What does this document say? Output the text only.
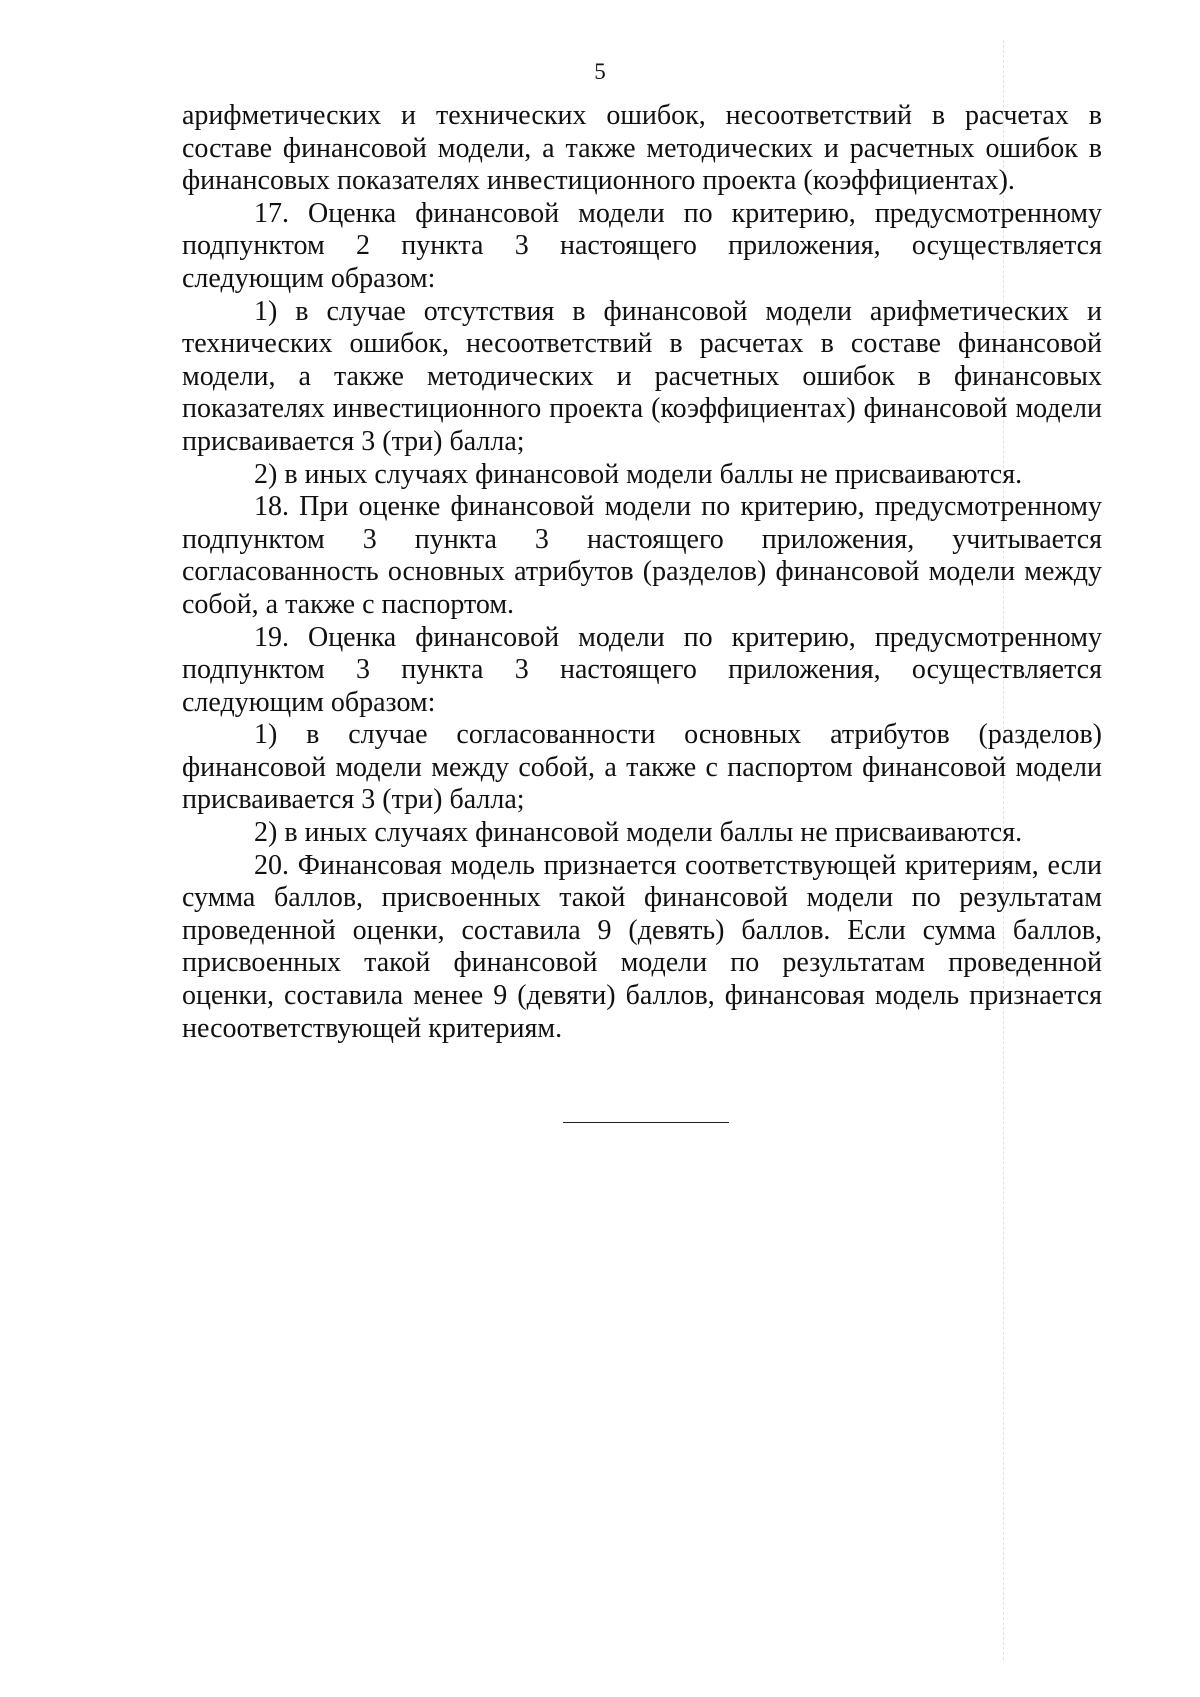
5

арифметических и технических ошибок, несоответствий в расчетах в составе финансовой модели, а также методических и расчетных ошибок в финансовых показателях инвестиционного проекта (коэффициентах).

17. Оценка финансовой модели по критерию, предусмотренному подпунктом 2 пункта 3 настоящего приложения, осуществляется следующим образом:

1) в случае отсутствия в финансовой модели арифметических и технических ошибок, несоответствий в расчетах в составе финансовой модели, а также методических и расчетных ошибок в финансовых показателях инвестиционного проекта (коэффициентах) финансовой модели присваивается 3 (три) балла;

2) в иных случаях финансовой модели баллы не присваиваются.

18. При оценке финансовой модели по критерию, предусмотренному подпунктом 3 пункта 3 настоящего приложения, учитывается согласованность основных атрибутов (разделов) финансовой модели между собой, а также с паспортом.

19. Оценка финансовой модели по критерию, предусмотренному подпунктом 3 пункта 3 настоящего приложения, осуществляется следующим образом:

1) в случае согласованности основных атрибутов (разделов) финансовой модели между собой, а также с паспортом финансовой модели присваивается 3 (три) балла;

2) в иных случаях финансовой модели баллы не присваиваются.

20. Финансовая модель признается соответствующей критериям, если сумма баллов, присвоенных такой финансовой модели по результатам проведенной оценки, составила 9 (девять) баллов. Если сумма баллов, присвоенных такой финансовой модели по результатам проведенной оценки, составила менее 9 (девяти) баллов, финансовая модель признается несоответствующей критериям.
